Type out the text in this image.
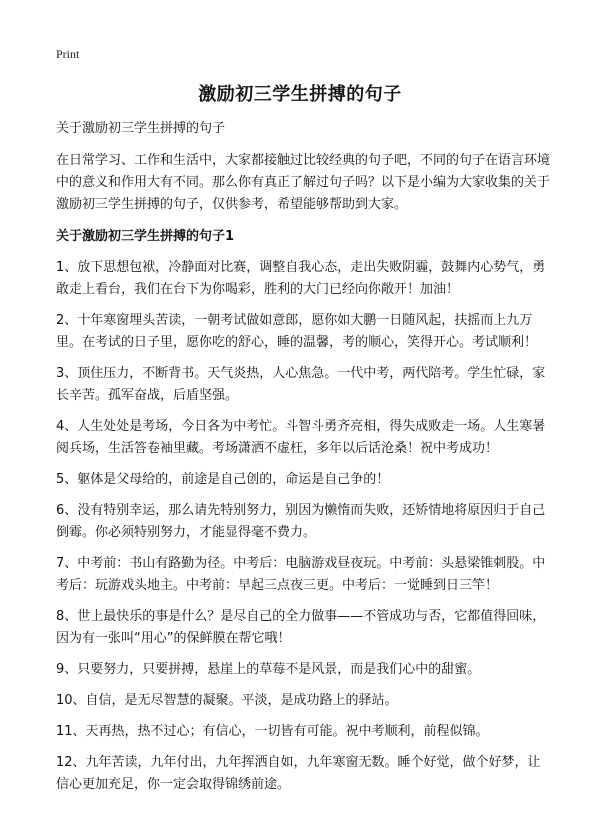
Print
激励初三学生拼搏的句子

关于激励初三学生拼搏的句子

在日常学习、工作和生活中，大家都接触过比较经典的句子吧，不同的句子在语言环境中的意义和作用大有不同。那么你有真正了解过句子吗？以下是小编为大家收集的关于激励初三学生拼搏的句子，仅供参考，希望能够帮助到大家。

关于激励初三学生拼搏的句子1

1、放下思想包袱，冷静面对比赛，调整自我心态，走出失败阴霾，鼓舞内心势气，勇敢走上看台，我们在台下为你喝彩，胜利的大门已经向你敞开！加油！

2、十年寒窗埋头苦读，一朝考试做如意郎，愿你如大鹏一日随风起，扶摇而上九万里。在考试的日子里，愿你吃的舒心，睡的温馨，考的顺心，笑得开心。考试顺利！

3、顶住压力，不断背书。天气炎热，人心焦急。一代中考，两代陪考。学生忙碌，家长辛苦。孤军奋战，后盾坚强。

4、人生处处是考场，今日各为中考忙。斗智斗勇齐亮相，得失成败走一场。人生寒暑阅兵场，生活答卷袖里藏。考场潇洒不虚枉，多年以后话沧桑！祝中考成功！

5、躯体是父母给的，前途是自己创的，命运是自己争的！

6、没有特别幸运，那么请先特别努力，别因为懒惰而失败，还矫情地将原因归于自己倒霉。你必须特别努力，才能显得毫不费力。

7、中考前：书山有路勤为径。中考后：电脑游戏昼夜玩。中考前：头悬梁锥刺股。中考后：玩游戏头地主。中考前：早起三点夜三更。中考后：一觉睡到日三竿！

8、世上最快乐的事是什么？是尽自己的全力做事——不管成功与否，它都值得回味，因为有一张叫“用心”的保鲜膜在帮它哦！

9、只要努力，只要拼搏，悬崖上的草莓不是风景，而是我们心中的甜蜜。

10、自信，是无尽智慧的凝聚。平淡，是成功路上的驿站。

11、天再热，热不过心；有信心，一切皆有可能。祝中考顺利，前程似锦。

12、九年苦读，九年付出，九年挥洒自如，九年寒窗无数。睡个好觉，做个好梦，让信心更加充足，你一定会取得锦绣前途。
